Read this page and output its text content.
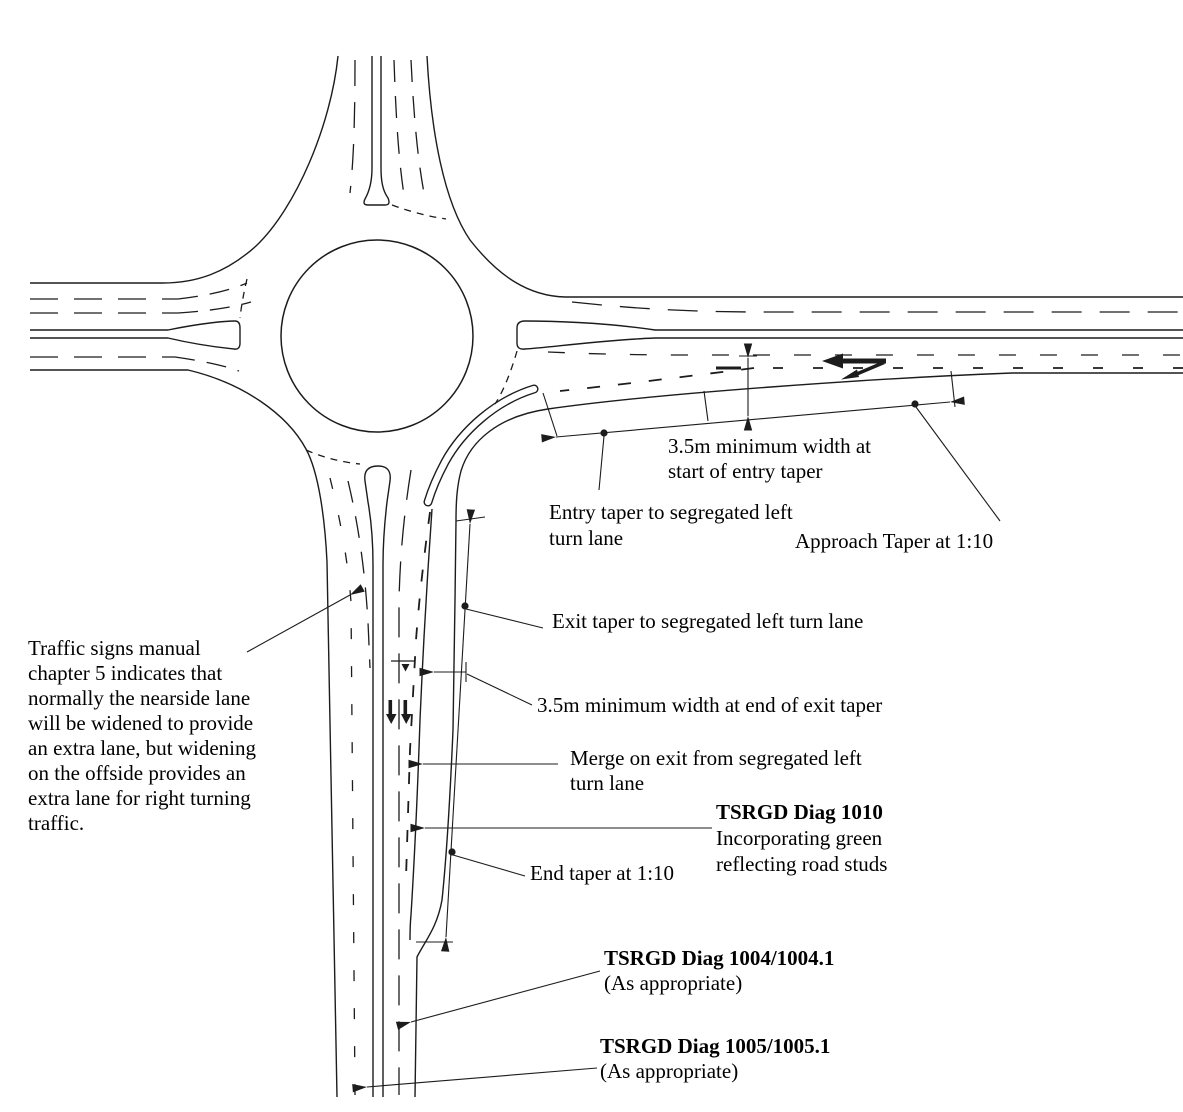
Traffic signs manual
chapter 5 indicates that
normally the nearside lane
will be widened to provide
an extra lane, but widening
on the offside provides an
extra lane for right turning
traffic.
3.5m minimum width at
start of entry taper
Entry taper to segregated left
turn lane	Approach Taper at 1:10
Exit taper to segregated left turn lane
3.5m minimum width at end of exit taper
Merge on exit from segregated left
turn lane
TSRGD Diag 1010
Incorporating green
reflecting road studs
End taper at 1:10
TSRGD Diag 1004/1004.1
(As appropriate)
TSRGD Diag 1005/1005.1
(As appropriate)
